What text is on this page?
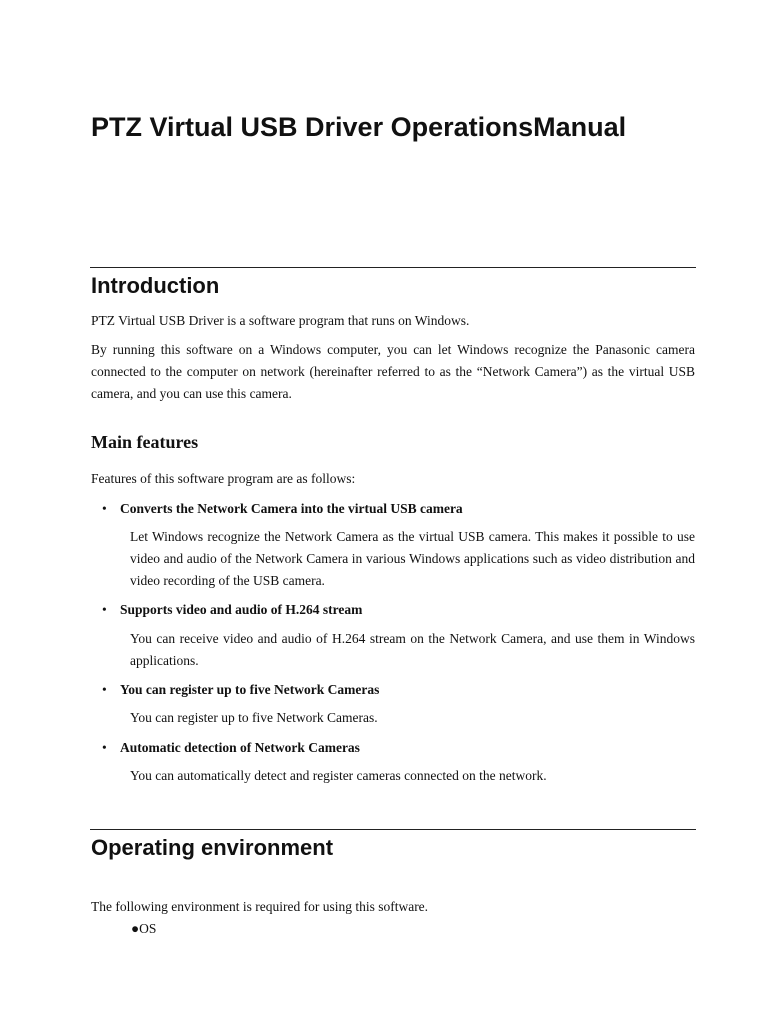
PTZ Virtual USB Driver OperationsManual
Introduction

PTZ Virtual USB Driver is a software program that runs on Windows.

By running this software on a Windows computer, you can let Windows recognize the Panasonic camera connected to the computer on network (hereinafter referred to as the “Network Camera”) as the virtual USB camera, and you can use this camera.

Main features

Features of this software program are as follows:

• Converts the Network Camera into the virtual USB camera

Let Windows recognize the Network Camera as the virtual USB camera. This makes it possible to use video and audio of the Network Camera in various Windows applications such as video distribution and video recording of the USB camera.

• Supports video and audio of H.264 stream

You can receive video and audio of H.264 stream on the Network Camera, and use them in Windows applications.

• You can register up to five Network Cameras

You can register up to five Network Cameras.

• Automatic detection of Network Cameras

You can automatically detect and register cameras connected on the network.

Operating environment

The following environment is required for using this software.

●OS
